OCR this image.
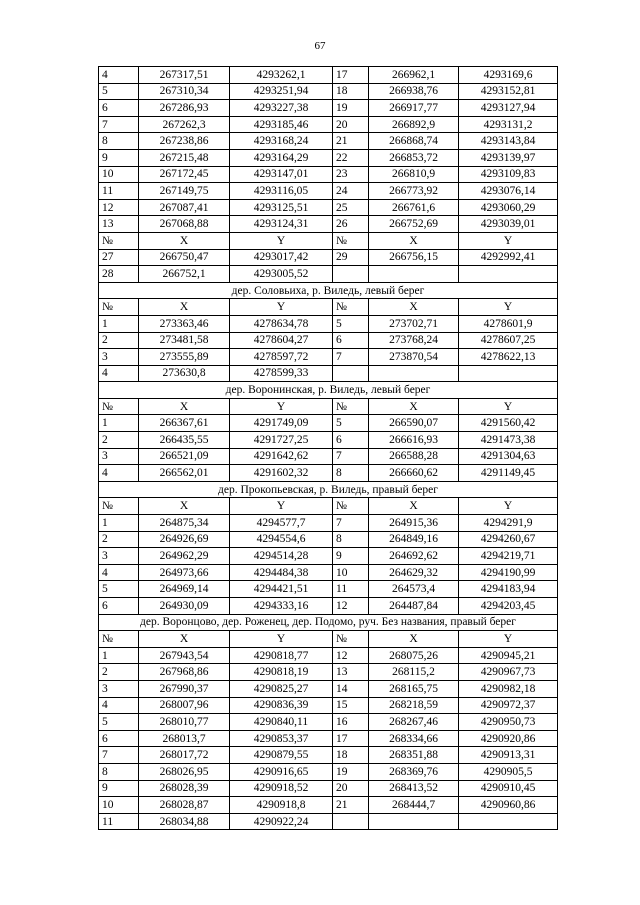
67
4	267317,51	4293262,1	17	266962,1	4293169,6
5	267310,34	4293251,94	18	266938,76	4293152,81
6	267286,93	4293227,38	19	266917,77	4293127,94
7	267262,3	4293185,46	20	266892,9	4293131,2
8	267238,86	4293168,24	21	266868,74	4293143,84
9	267215,48	4293164,29	22	266853,72	4293139,97
10	267172,45	4293147,01	23	266810,9	4293109,83
11	267149,75	4293116,05	24	266773,92	4293076,14
12	267087,41	4293125,51	25	266761,6	4293060,29
13	267068,88	4293124,31	26	266752,69	4293039,01
№	X	Y	№	X	Y
27	266750,47	4293017,42	29	266756,15	4292992,41
28	266752,1	4293005,52			
дер. Соловьиха, р. Виледь, левый берег					
№	X	Y	№	X	Y
1	273363,46	4278634,78	5	273702,71	4278601,9
2	273481,58	4278604,27	6	273768,24	4278607,25
3	273555,89	4278597,72	7	273870,54	4278622,13
4	273630,8	4278599,33			
дер. Воронинская, р. Виледь, левый берег					
№	X	Y	№	X	Y
1	266367,61	4291749,09	5	266590,07	4291560,42
2	266435,55	4291727,25	6	266616,93	4291473,38
3	266521,09	4291642,62	7	266588,28	4291304,63
4	266562,01	4291602,32	8	266660,62	4291149,45
дер. Прокопьевская, р. Виледь, правый берег					
№	X	Y	№	X	Y
1	264875,34	4294577,7	7	264915,36	4294291,9
2	264926,69	4294554,6	8	264849,16	4294260,67
3	264962,29	4294514,28	9	264692,62	4294219,71
4	264973,66	4294484,38	10	264629,32	4294190,99
5	264969,14	4294421,51	11	264573,4	4294183,94
6	264930,09	4294333,16	12	264487,84	4294203,45
дер. Воронцово, дер. Роженец, дер. Подомо, руч. Без названия, правый берег					
№	X	Y	№	X	Y
1	267943,54	4290818,77	12	268075,26	4290945,21
2	267968,86	4290818,19	13	268115,2	4290967,73
3	267990,37	4290825,27	14	268165,75	4290982,18
4	268007,96	4290836,39	15	268218,59	4290972,37
5	268010,77	4290840,11	16	268267,46	4290950,73
6	268013,7	4290853,37	17	268334,66	4290920,86
7	268017,72	4290879,55	18	268351,88	4290913,31
8	268026,95	4290916,65	19	268369,76	4290905,5
9	268028,39	4290918,52	20	268413,52	4290910,45
10	268028,87	4290918,8	21	268444,7	4290960,86
11	268034,88	4290922,24			
